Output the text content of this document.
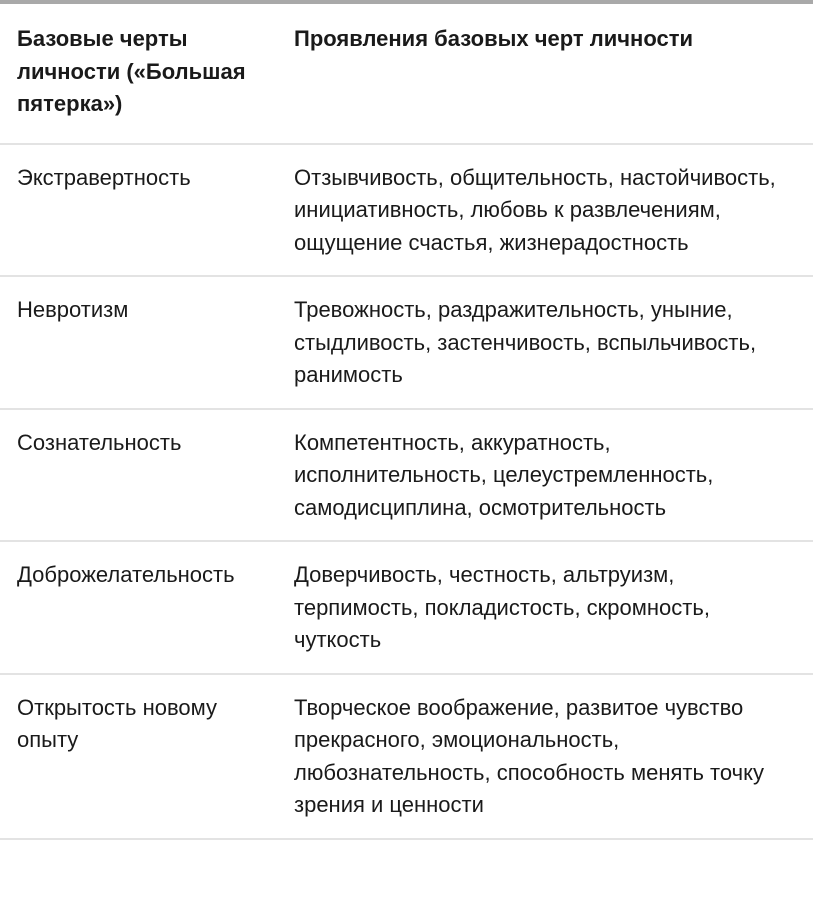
Базовые черты личности («Большая пятерка»)	Проявления базовых черт личности
Экстравертность	Отзывчивость, общительность, настойчивость, инициативность, любовь к развлечениям, ощущение счастья, жизнерадостность
Невротизм	Тревожность, раздражительность, уныние, стыдливость, застенчивость, вспыльчивость, ранимость
Сознательность	Компетентность, аккуратность, исполнительность, целеустремленность, самодисциплина, осмотрительность
Доброжелательность	Доверчивость, честность, альтруизм, терпимость, покладистость, скромность, чуткость
Открытость новому опыту	Творческое воображение, развитое чувство прекрасного, эмоциональность, любознательность, способность менять точку зрения и ценности
